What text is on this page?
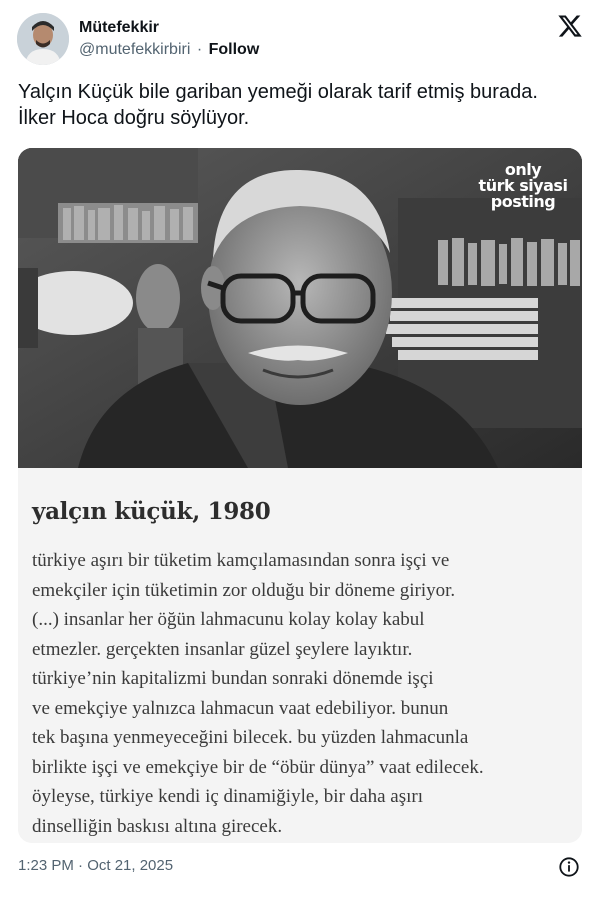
Mütefekkir
@mutefekkirbiri · Follow
Yalçın Küçük bile gariban yemeği olarak tarif etmiş burada.
İlker Hoca doğru söylüyor.
only
türk siyasi
posting
yalçın küçük, 1980
türkiye aşırı bir tüketim kamçılamasından sonra işçi ve
emekçiler için tüketimin zor olduğu bir döneme giriyor.
(...) insanlar her öğün lahmacunu kolay kolay kabul
etmezler. gerçekten insanlar güzel şeylere layıktır.
türkiye’nin kapitalizmi bundan sonraki dönemde işçi
ve emekçiye yalnızca lahmacun vaat edebiliyor. bunun
tek başına yenmeyeceğini bilecek. bu yüzden lahmacunla
birlikte işçi ve emekçiye bir de “öbür dünya” vaat edilecek.
öyleyse, türkiye kendi iç dinamiğiyle, bir daha aşırı
dinselliğin baskısı altına girecek.
1:23 PM · Oct 21, 2025
